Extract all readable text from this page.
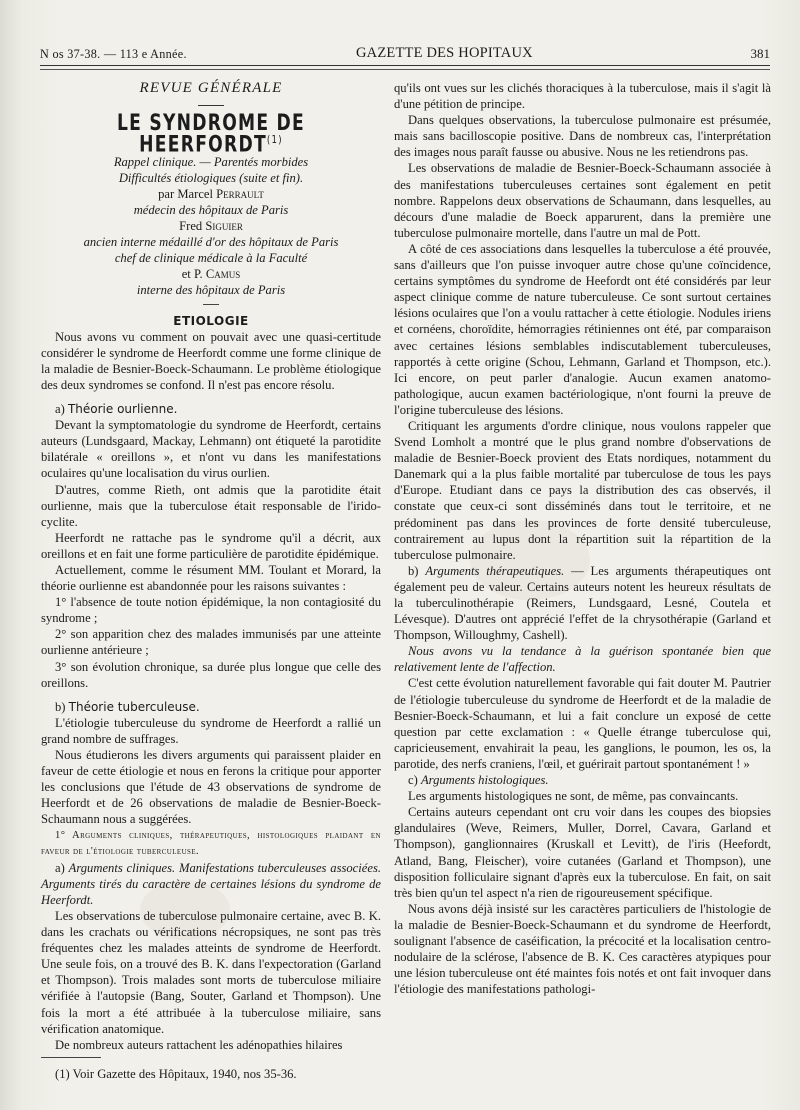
N os 37-38. — 113 e Année.	GAZETTE DES HOPITAUX	381

REVUE GÉNÉRALE

LE SYNDROME DE HEERFORDT$^{(1)}$

Rappel clinique. — Parentés morbides
Difficultés étiologiques (suite et fin).
par Marcel Perrault
médecin des hôpitaux de Paris
Fred Siguier
ancien interne médaillé d'or des hôpitaux de Paris
chef de clinique médicale à la Faculté
et P. Camus
interne des hôpitaux de Paris

ETIOLOGIE

Nous avons vu comment on pouvait avec une quasi-certitude considérer le syndrome de Heerfordt comme une forme clinique de la maladie de Besnier-Boeck-Schaumann. Le problème étiologique des deux syndromes se confond. Il n'est pas encore résolu.

a) Théorie ourlienne.

Devant la symptomatologie du syndrome de Heerfordt, certains auteurs (Lundsgaard, Mackay, Lehmann) ont étiqueté la parotidite bilatérale « oreillons », et n'ont vu dans les manifestations oculaires qu'une localisation du virus ourlien.

D'autres, comme Rieth, ont admis que la parotidite était ourlienne, mais que la tuberculose était responsable de l'irido-cyclite.

Heerfordt ne rattache pas le syndrome qu'il a décrit, aux oreillons et en fait une forme particulière de parotidite épidémique.

Actuellement, comme le résument MM. Toulant et Morard, la théorie ourlienne est abandonnée pour les raisons suivantes :

1° l'absence de toute notion épidémique, la non contagiosité du syndrome ;

2° son apparition chez des malades immunisés par une atteinte ourlienne antérieure ;

3° son évolution chronique, sa durée plus longue que celle des oreillons.

b) Théorie tuberculeuse.

L'étiologie tuberculeuse du syndrome de Heerfordt a rallié un grand nombre de suffrages.

Nous étudierons les divers arguments qui paraissent plaider en faveur de cette étiologie et nous en ferons la critique pour apporter les conclusions que l'étude de 43 observations de syndrome de Heerfordt et de 26 observations de maladie de Besnier-Boeck-Schaumann nous a suggérées.

1° Arguments cliniques, thérapeutiques, histologiques plaidant en faveur de l'étiologie tuberculeuse.

a) Arguments cliniques. Manifestations tuberculeuses associées. Arguments tirés du caractère de certaines lésions du syndrome de Heerfordt.

Les observations de tuberculose pulmonaire certaine, avec B. K. dans les crachats ou vérifications nécropsiques, ne sont pas très fréquentes chez les malades atteints de syndrome de Heerfordt. Une seule fois, on a trouvé des B. K. dans l'expectoration (Garland et Thompson). Trois malades sont morts de tuberculose miliaire vérifiée à l'autopsie (Bang, Souter, Garland et Thompson). Une fois la mort a été attribuée à la tuberculose miliaire, sans vérification anatomique.

De nombreux auteurs rattachent les adénopathies hilaires

(1) Voir Gazette des Hôpitaux, 1940, nos 35-36.

qu'ils ont vues sur les clichés thoraciques à la tuberculose, mais il s'agit là d'une pétition de principe.

Dans quelques observations, la tuberculose pulmonaire est présumée, mais sans bacilloscopie positive. Dans de nombreux cas, l'interprétation des images nous paraît fausse ou abusive. Nous ne les retiendrons pas.

Les observations de maladie de Besnier-Boeck-Schaumann associée à des manifestations tuberculeuses certaines sont également en petit nombre. Rappelons deux observations de Schaumann, dans lesquelles, au décours d'une maladie de Boeck apparurent, dans la première une tuberculose pulmonaire mortelle, dans l'autre un mal de Pott.

A côté de ces associations dans lesquelles la tuberculose a été prouvée, sans d'ailleurs que l'on puisse invoquer autre chose qu'une coïncidence, certains symptômes du syndrome de Heefordt ont été considérés par leur aspect clinique comme de nature tuberculeuse. Ce sont surtout certaines lésions oculaires que l'on a voulu rattacher à cette étiologie. Nodules iriens et cornéens, choroïdite, hémorragies rétiniennes ont été, par comparaison avec certaines lésions semblables indiscutablement tuberculeuses, rapportés à cette origine (Schou, Lehmann, Garland et Thompson, etc.). Ici encore, on peut parler d'analogie. Aucun examen anatomo-pathologique, aucun examen bactériologique, n'ont fourni la preuve de l'origine tuberculeuse des lésions.

Critiquant les arguments d'ordre clinique, nous voulons rappeler que Svend Lomholt a montré que le plus grand nombre d'observations de maladie de Besnier-Boeck provient des Etats nordiques, notamment du Danemark qui a la plus faible mortalité par tuberculose de tous les pays d'Europe. Etudiant dans ce pays la distribution des cas observés, il constate que ceux-ci sont disséminés dans tout le territoire, et ne prédominent pas dans les provinces de forte densité tuberculeuse, contrairement au lupus dont la répartition suit la répartition de la tuberculose pulmonaire.

b) Arguments thérapeutiques. — Les arguments thérapeutiques ont également peu de valeur. Certains auteurs notent les heureux résultats de la tuberculinothérapie (Reimers, Lundsgaard, Lesné, Coutela et Lévesque). D'autres ont apprécié l'effet de la chrysothérapie (Garland et Thompson, Willoughmy, Cashell).

Nous avons vu la tendance à la guérison spontanée bien que relativement lente de l'affection.

C'est cette évolution naturellement favorable qui fait douter M. Pautrier de l'étiologie tuberculeuse du syndrome de Heerfordt et de la maladie de Besnier-Boeck-Schaumann, et lui a fait conclure un exposé de cette question par cette exclamation : « Quelle étrange tuberculose qui, capricieusement, envahirait la peau, les ganglions, le poumon, les os, la parotide, des nerfs craniens, l'œil, et guérirait partout spontanément ! »

c) Arguments histologiques.

Les arguments histologiques ne sont, de même, pas convaincants.

Certains auteurs cependant ont cru voir dans les coupes des biopsies glandulaires (Weve, Reimers, Muller, Dorrel, Cavara, Garland et Thompson), ganglionnaires (Kruskall et Levitt), de l'iris (Heefordt, Atland, Bang, Fleischer), voire cutanées (Garland et Thompson), une disposition folliculaire signant d'après eux la tuberculose. En fait, on sait très bien qu'un tel aspect n'a rien de rigoureusement spécifique.

Nous avons déjà insisté sur les caractères particuliers de l'histologie de la maladie de Besnier-Boeck-Schaumann et du syndrome de Heerfordt, soulignant l'absence de caséification, la précocité et la localisation centro-nodulaire de la sclérose, l'absence de B. K. Ces caractères atypiques pour une lésion tuberculeuse ont été maintes fois notés et ont fait invoquer dans l'étiologie des manifestations pathologi-
